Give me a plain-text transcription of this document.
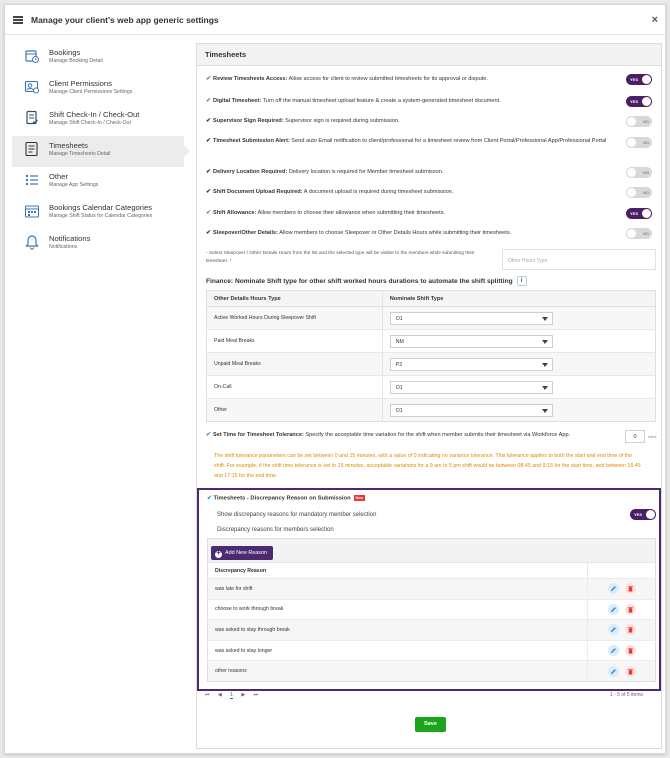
Manage your client's web app generic settings	×
Bookings
Manage Booking Detail
Client Permissions
Manage Client Permissions Settings
Shift Check-In / Check-Out
Manage Shift Check-In / Check-Out
Timesheets
Manage Timesheets Detail
Other
Manage App Settings
Bookings Calendar Categories
Manage Shift Status for Calendar Categories
Notifications
Notifications
Timesheets
✔ Review Timesheets Access: Allow access for client to review submitted timesheets for its approval or dispute.	YES
✔ Digital Timesheet: Turn off the manual timesheet upload feature & create a system-generated timesheet document.	YES
✔ Supervisor Sign Required: Supervisor sign is required during submission.	NO
✔ Timesheet Submission Alert: Send auto Email notification to client/professional for a timesheet review from Client Portal/Professional App/Professional Portal	NO
✔ Delivery Location Required: Delivery location is required for Member timesheet submisson.	NO
✔ Shift Document Upload Required: A document upload is required during timesheet submission.	NO
✔ Shift Allowance: Allow members to choose their allowance when submitting their timesheets.	YES
✔ Sleepover/Other Details: Allow members to choose Sleepover or Other Details Hours while submitting their timesheets.	NO
◦ Select Sleepover / Other Details Hours from the list and the selected type will be visible to the members while submitting their timesheet. *	Other Hours Type
Finance: Nominate Shift type for other shift worked hours durations to automate the shift splitting i
Other Details Hours Type	Nominate Shift Type
Active Worked Hours During Sleepover Shift	O1

Paid Meal Breaks	NM

Unpaid Meal Breaks	P2

On-Call	O1

Other	O1
✔ Set Time for Timesheet Tolerance: Specify the acceptable time variation for the shift when member submits their timesheet via Workforce App.	0	mins
The shift tolerance parameters can be set between 0 and 15 minutes, with a value of 0 indicating no variance tolerance. This tolerance applies to both the start and end time of the shift. For example, if the shift time tolerance is set to 15 minutes, acceptable variations for a 9 am to 5 pm shift would be between 08:45 and 9:15 for the start time, and between 16:45 and 17:15 for the end time.
✔ Timesheets - Discrepancy Reason on Submission New
Show discrepancy reasons for mandatory member selection	YES
Discrepancy reasons for members selection

Discrepancy Reason	
was late for shift	

choose to work through break	

was asked to stay through break	

was asked to stay longer	

other reasons	
+ Add New Reason
⏮ ◀ 1 ▶ ⏭	1 - 5 of 5 items
Save
